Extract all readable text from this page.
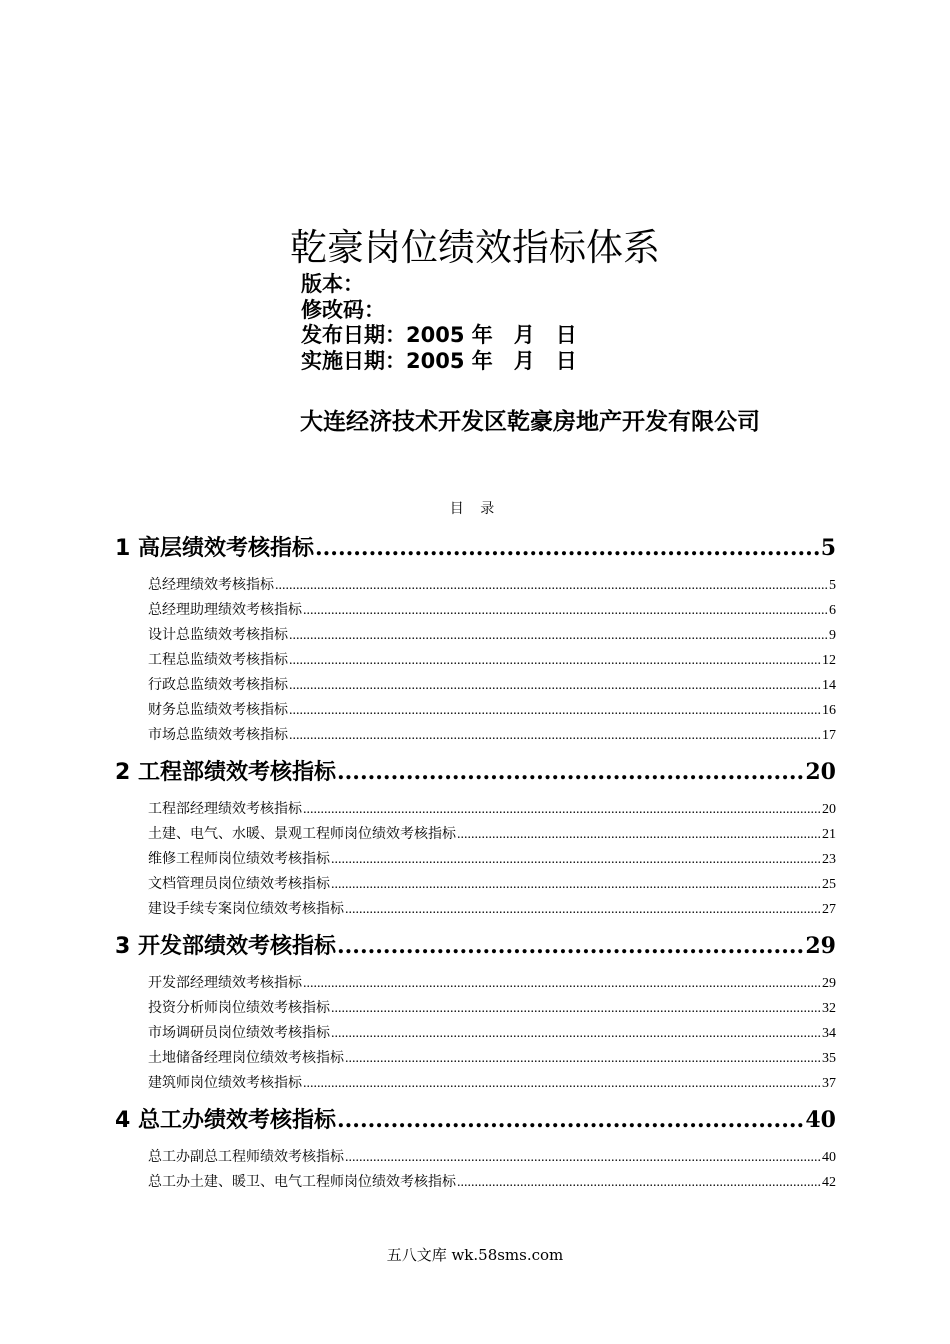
乾豪岗位绩效指标体系
版本：
修改码：
发布日期：2005 年　月　日
实施日期：2005 年　月　日
大连经济技术开发区乾豪房地产开发有限公司
目 录
1 高层绩效考核指标 .....	5
总经理绩效考核指标 .....	5
总经理助理绩效考核指标 .....	6
设计总监绩效考核指标 .....	9
工程总监绩效考核指标 .....	12
行政总监绩效考核指标 .....	14
财务总监绩效考核指标 .....	16
市场总监绩效考核指标 .....	17
2 工程部绩效考核指标 .....	20
工程部经理绩效考核指标 .....	20
土建、电气、水暖、景观工程师岗位绩效考核指标 .....	21
维修工程师岗位绩效考核指标 .....	23
文档管理员岗位绩效考核指标 .....	25
建设手续专案岗位绩效考核指标 .....	27
3 开发部绩效考核指标 .....	29
开发部经理绩效考核指标 .....	29
投资分析师岗位绩效考核指标 .....	32
市场调研员岗位绩效考核指标 .....	34
土地储备经理岗位绩效考核指标 .....	35
建筑师岗位绩效考核指标 .....	37
4 总工办绩效考核指标 .....	40
总工办副总工程师绩效考核指标 .....	40
总工办土建、暖卫、电气工程师岗位绩效考核指标 .....	42
五八文库 wk.58sms.com
